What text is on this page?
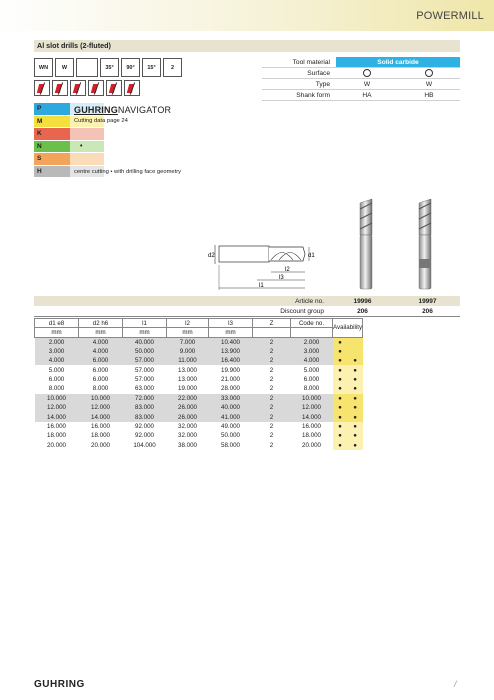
POWERMILL
Al slot drills (2-fluted)
WN	W	35°	90°	15°	2
Tool material	Solid carbide
Surface
Type	W	W
Shank form	HA	HB
P
M
K
N	•
S
H
GUHRINGNAVIGATOR
Cutting data page 24
centre cutting • with drilling face geometry
d2	d1
l1
l3
l2
Article no.	19996	19997
Discount group	206	206
d1 e8	d2 h6	l1	l2	l3	Z	Code no.	Availability	
mm	mm	mm	mm	mm				
2.000	4.000	40.000	7.000	10.400	2	2.000	●	
3.000	4.000	50.000	9.000	13.900	2	3.000	●	
4.000	6.000	57.000	11.000	16.400	2	4.000	●	●
5.000	6.000	57.000	13.000	19.900	2	5.000	●	●
6.000	6.000	57.000	13.000	21.000	2	6.000	●	●
8.000	8.000	63.000	19.000	28.000	2	8.000	●	●
10.000	10.000	72.000	22.000	33.000	2	10.000	●	●
12.000	12.000	83.000	26.000	40.000	2	12.000	●	●
14.000	14.000	83.000	26.000	41.000	2	14.000	●	●
16.000	16.000	92.000	32.000	49.000	2	16.000	●	●
18.000	18.000	92.000	32.000	50.000	2	18.000	●	●
20.000	20.000	104.000	38.000	58.000	2	20.000	●	●
GUHRING	/
